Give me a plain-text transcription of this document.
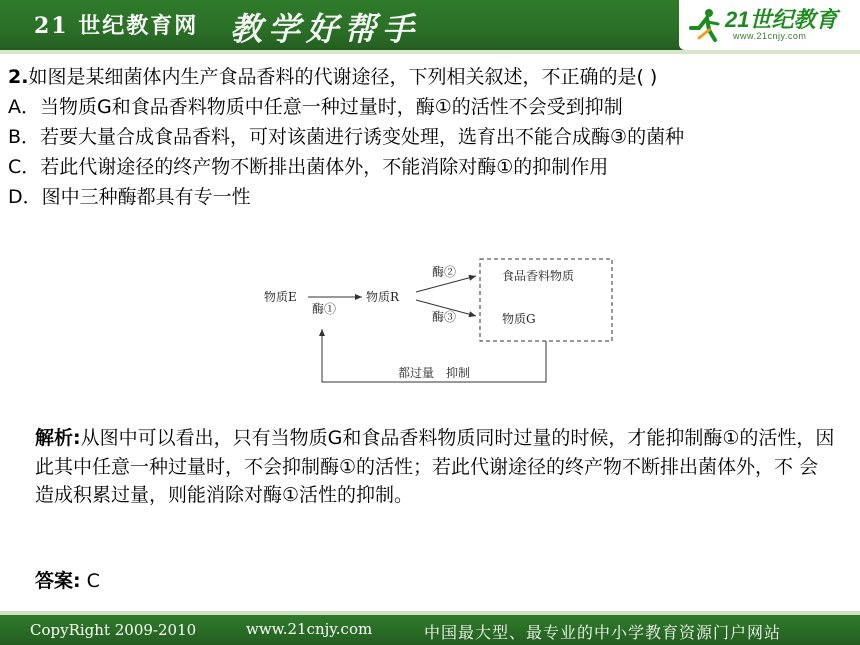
21 世纪教育网 教学好帮手	21世纪教育
www.21cnjy.com

2.如图是某细菌体内生产食品香料的代谢途径，下列相关叙述，不正确的是( )

A．当物质G和食品香料物质中任意一种过量时，酶①的活性不会受到抑制

B．若要大量合成食品香料，可对该菌进行诱变处理，选育出不能合成酶③的菌种

C．若此代谢途径的终产物不断排出菌体外，不能消除对酶①的抑制作用

D．图中三种酶都具有专一性

物质E
酶①
物质R
酶②
酶③
食品香料物质
物质G
都过量　抑制
解析:从图中可以看出，只有当物质G和食品香料物质同时过量的时候，才能抑制酶①的活性，因此其中任意一种过量时，不会抑制酶①的活性；若此代谢途径的终产物不断排出菌体外，不 会造成积累过量，则能消除对酶①活性的抑制。
答案: C
CopyRight 2009-2010	www.21cnjy.com	中国最大型、最专业的中小学教育资源门户网站
